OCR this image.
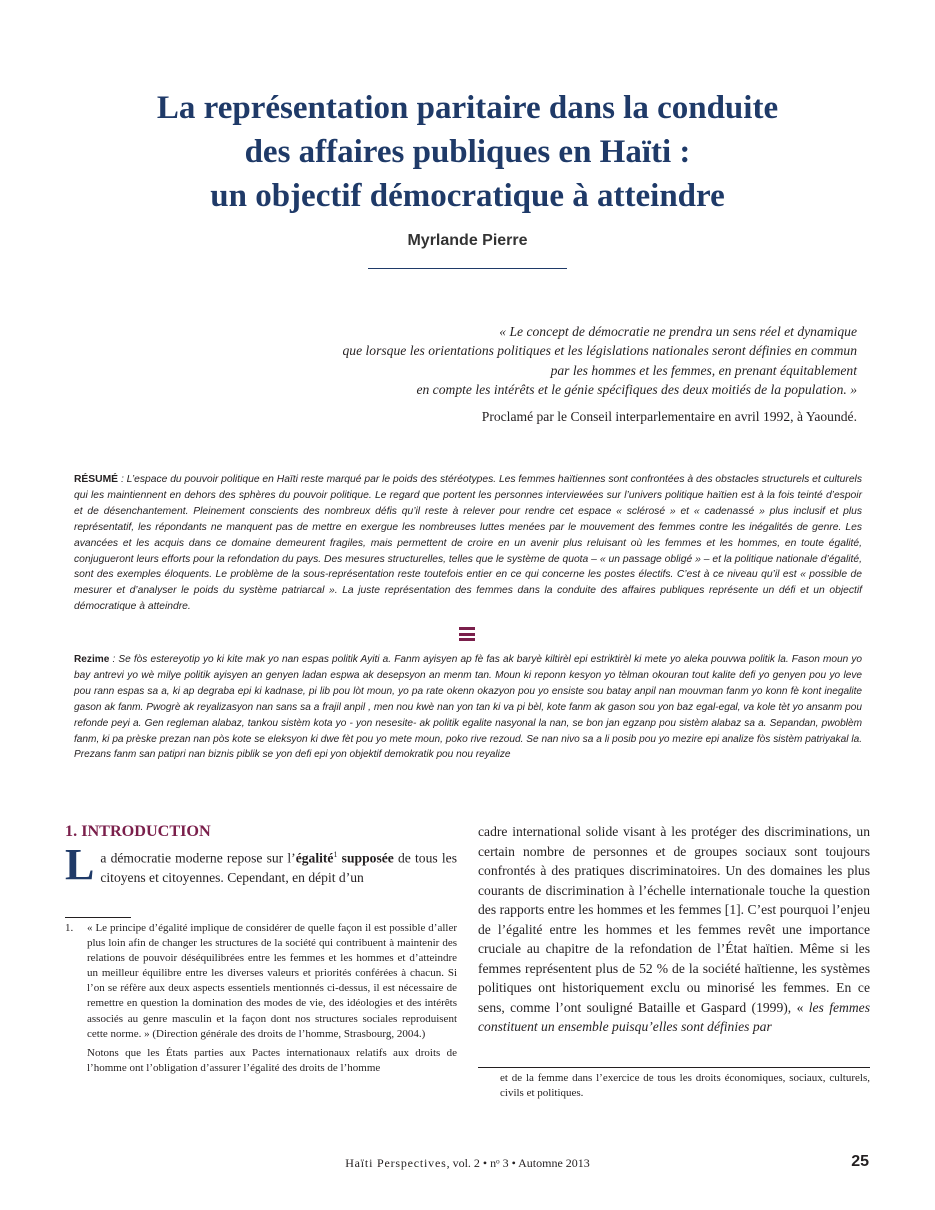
La représentation paritaire dans la conduite
des affaires publiques en Haïti :
un objectif démocratique à atteindre
Myrlande Pierre
« Le concept de démocratie ne prendra un sens réel et dynamique
que lorsque les orientations politiques et les législations nationales seront définies en commun
par les hommes et les femmes, en prenant équitablement
en compte les intérêts et le génie spécifiques des deux moitiés de la population. »
Proclamé par le Conseil interparlementaire en avril 1992, à Yaoundé.
RÉSUMÉ : L’espace du pouvoir politique en Haïti reste marqué par le poids des stéréotypes. Les femmes haïtiennes sont confrontées à des obstacles structurels et culturels qui les maintiennent en dehors des sphères du pouvoir politique. Le regard que portent les personnes interviewées sur l’univers politique haïtien est à la fois teinté d’espoir et de désenchantement. Pleinement conscients des nombreux défis qu’il reste à relever pour rendre cet espace « sclérosé » et « cadenassé » plus inclusif et plus représentatif, les répondants ne manquent pas de mettre en exergue les nombreuses luttes menées par le mouvement des femmes contre les inégalités de genre. Les avancées et les acquis dans ce domaine demeurent fragiles, mais permettent de croire en un avenir plus reluisant où les femmes et les hommes, en toute égalité, conjugueront leurs efforts pour la refondation du pays. Des mesures structurelles, telles que le système de quota – « un passage obligé » – et la politique nationale d’égalité, sont des exemples éloquents. Le problème de la sous-représentation reste toutefois entier en ce qui concerne les postes électifs. C’est à ce niveau qu’il est « possible de mesurer et d’analyser le poids du système patriarcal ». La juste représentation des femmes dans la conduite des affaires publiques représente un défi et un objectif démocratique à atteindre.
Rezime : Se fòs estereyotip yo ki kite mak yo nan espas politik Ayiti a. Fanm ayisyen ap fè fas ak baryè kiltirèl epi estriktirèl ki mete yo aleka pouvwa politik la. Fason moun yo bay antrevi yo wè milye politik ayisyen an genyen ladan espwa ak desepsyon an menm tan. Moun ki reponn kesyon yo tèlman okouran tout kalite defi yo genyen pou yo leve pou rann espas sa a, ki ap degraba epi ki kadnase, pi lib pou lòt moun, yo pa rate okenn okazyon pou yo ensiste sou batay anpil nan mouvman fanm yo konn fè kont inegalite gason ak fanm. Pwogrè ak reyalizasyon nan sans sa a frajil anpil , men nou kwè nan yon tan ki va pi bèl, kote fanm ak gason sou yon baz egal-egal, va kole tèt yo ansanm pou refonde peyi a. Gen regleman alabaz, tankou sistèm kota yo - yon nesesite- ak politik egalite nasyonal la nan, se bon jan egzanp pou sistèm alabaz sa a. Sepandan, pwoblèm fanm, ki pa prèske prezan nan pòs kote se eleksyon ki dwe fèt pou yo mete moun, poko rive rezoud. Se nan nivo sa a li posib pou yo mezire epi analize fòs sistèm patriyakal la. Prezans fanm san patipri nan biznis piblik se yon defi epi yon objektif demokratik pou nou reyalize
1. INTRODUCTION
La démocratie moderne repose sur l’égalité$^1$ supposée de tous les citoyens et citoyennes. Cependant, en dépit d’un
1. « Le principe d’égalité implique de considérer de quelle façon il est possible d’aller plus loin afin de changer les structures de la société qui contribuent à maintenir des relations de pouvoir déséquilibrées entre les femmes et les hommes et d’atteindre un meilleur équilibre entre les diverses valeurs et priorités conférées à chacun. Si l’on se réfère aux deux aspects essentiels mentionnés ci-dessus, il est nécessaire de remettre en question la domination des modes de vie, des idéologies et des intérêts associés au genre masculin et la façon dont nos structures sociales reproduisent cette norme. » (Direction générale des droits de l’homme, Strasbourg, 2004.)
Notons que les États parties aux Pactes internationaux relatifs aux droits de l’homme ont l’obligation d’assurer l’égalité des droits de l’homme
cadre international solide visant à les protéger des discriminations, un certain nombre de personnes et de groupes sociaux sont toujours confrontés à des pratiques discriminatoires. Un des domaines les plus courants de discrimination à l’échelle internationale touche la question des rapports entre les hommes et les femmes [1]. C’est pourquoi l’enjeu de l’égalité entre les hommes et les femmes revêt une importance cruciale au chapitre de la refondation de l’État haïtien. Même si les femmes représentent plus de 52 % de la société haïtienne, les systèmes politiques ont historiquement exclu ou minorisé les femmes. En ce sens, comme l’ont souligné Bataille et Gaspard (1999), « les femmes constituent un ensemble puisqu’elles sont définies par
et de la femme dans l’exercice de tous les droits économiques, sociaux, culturels, civils et politiques.
Haïti Perspectives, vol. 2 • nᵒ 3 • Automne 2013	25
